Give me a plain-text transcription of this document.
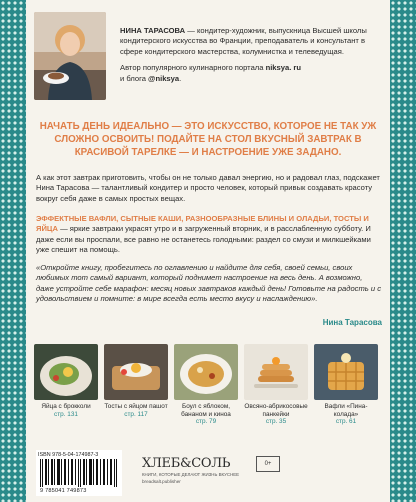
НИНА ТАРАСОВА — кондитер-художник, выпускница Высшей школы кондитерского искусства во Франции, преподаватель и консультант в сфере кондитерского мастерства, колумнистка и телеведущая.

Автор популярного кулинарного портала niksya. ru
и блога @niksya.

НАЧАТЬ ДЕНЬ ИДЕАЛЬНО — ЭТО ИСКУССТВО, КОТОРОЕ НЕ ТАК УЖ СЛОЖНО ОСВОИТЬ! ПОДАЙТЕ НА СТОЛ ВКУСНЫЙ ЗАВТРАК В КРАСИВОЙ ТАРЕЛКЕ — И НАСТРОЕНИЕ УЖЕ ЗАДАНО.
А как этот завтрак приготовить, чтобы он не только давал энергию, но и радовал глаз, подскажет Нина Тарасова — талантливый кондитер и просто человек, который привык создавать красоту вокруг себя даже в самых простых вещах.
ЭФФЕКТНЫЕ ВАФЛИ, СЫТНЫЕ КАШИ, РАЗНООБРАЗНЫЕ БЛИНЫ И ОЛАДЬИ, ТОСТЫ И ЯЙЦА — яркие завтраки украсят утро и в загруженный вторник, и в расслабленную субботу. И даже если вы проспали, все равно не останетесь голодными: раздел со смузи и милкшейками уже спешит на помощь.
«Откройте книгу, пробегитесь по оглавлению и найдите для себя, своей семьи, своих любимых тот самый вариант, который поднимет настроение на весь день. А возможно, даже устройте себе марафон: месяц новых завтраков каждый день! Готовьте на радость и с удовольствием и помните: в мире всегда есть место вкусу и наслаждению».
Нина Тарасова
Яйца с брокколи
стр. 131
Тосты с яйцом пашот
стр. 117
Боул с яблоком, бананом и киноа
стр. 79
Овсяно-абрикосовые панкейки
стр. 35
Вафли «Пина-колада»
стр. 61
ISBN 978-5-04-174987-3
9 785041 749873
ХЛЕБ&СОЛЬ
КНИГИ, КОТОРЫЕ ДЕЛАЮТ ЖИЗНЬ ВКУСНЕЕ
breadsalt.publisher
0+
